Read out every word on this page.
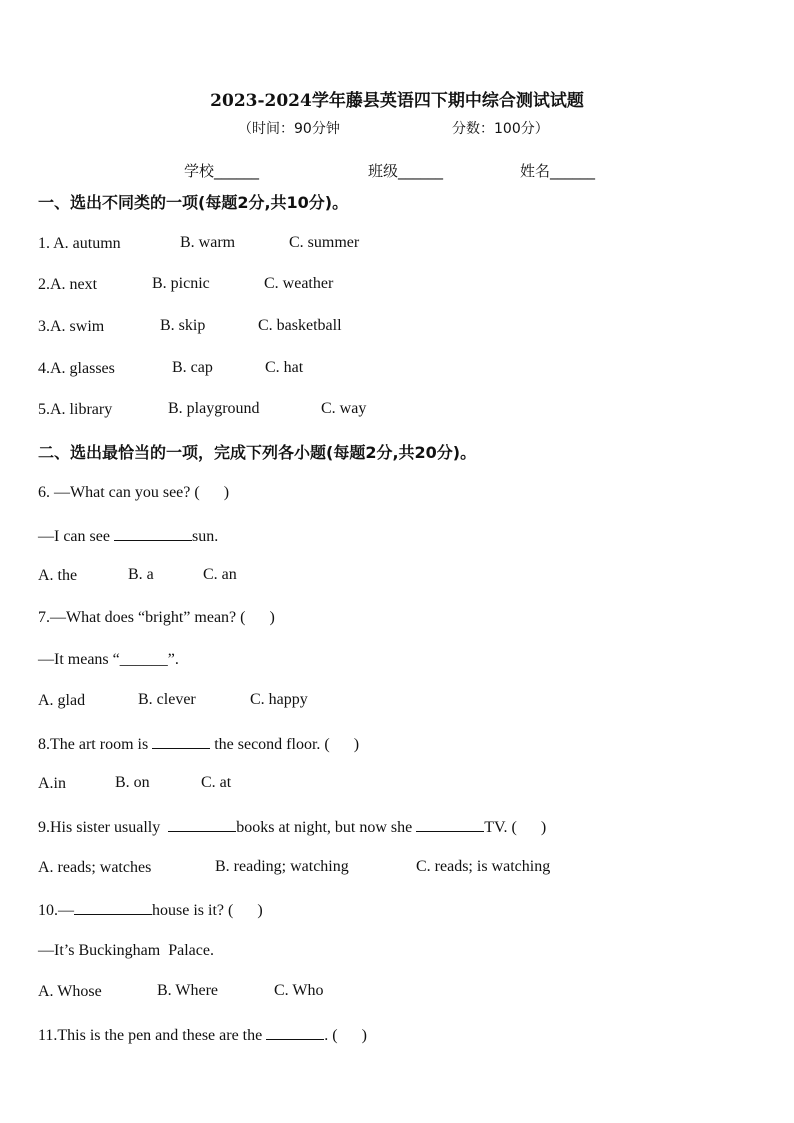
2023-2024学年藤县英语四下期中综合测试试题
（时间：90分钟	分数：100分）
学校______	班级______	姓名______
一、选出不同类的一项(每题2分,共10分)。
1. A. autumn	B. warm	C. summer
2.A. next	B. picnic	C. weather
3.A. swim	B. skip	C. basketball
4.A. glasses	B. cap	C. hat
5.A. library	B. playground	C. way
二、选出最恰当的一项，完成下列各小题(每题2分,共20分)。
6. —What can you see? (      )
—I can see	sun.
A. the	B. a	C. an
7.—What does “bright” mean? (      )
—It means “______”.
A. glad	B. clever	C. happy
8.The art room is	the second floor. (      )
A.in	B. on	C. at
9.His sister usually	books at night, but now she	TV. (      )
A. reads; watches	B. reading; watching	C. reads; is watching
10.—	house is it? (      )
—It’s Buckingham  Palace.
A. Whose	B. Where	C. Who
11.This is the pen and these are the	. (      )
